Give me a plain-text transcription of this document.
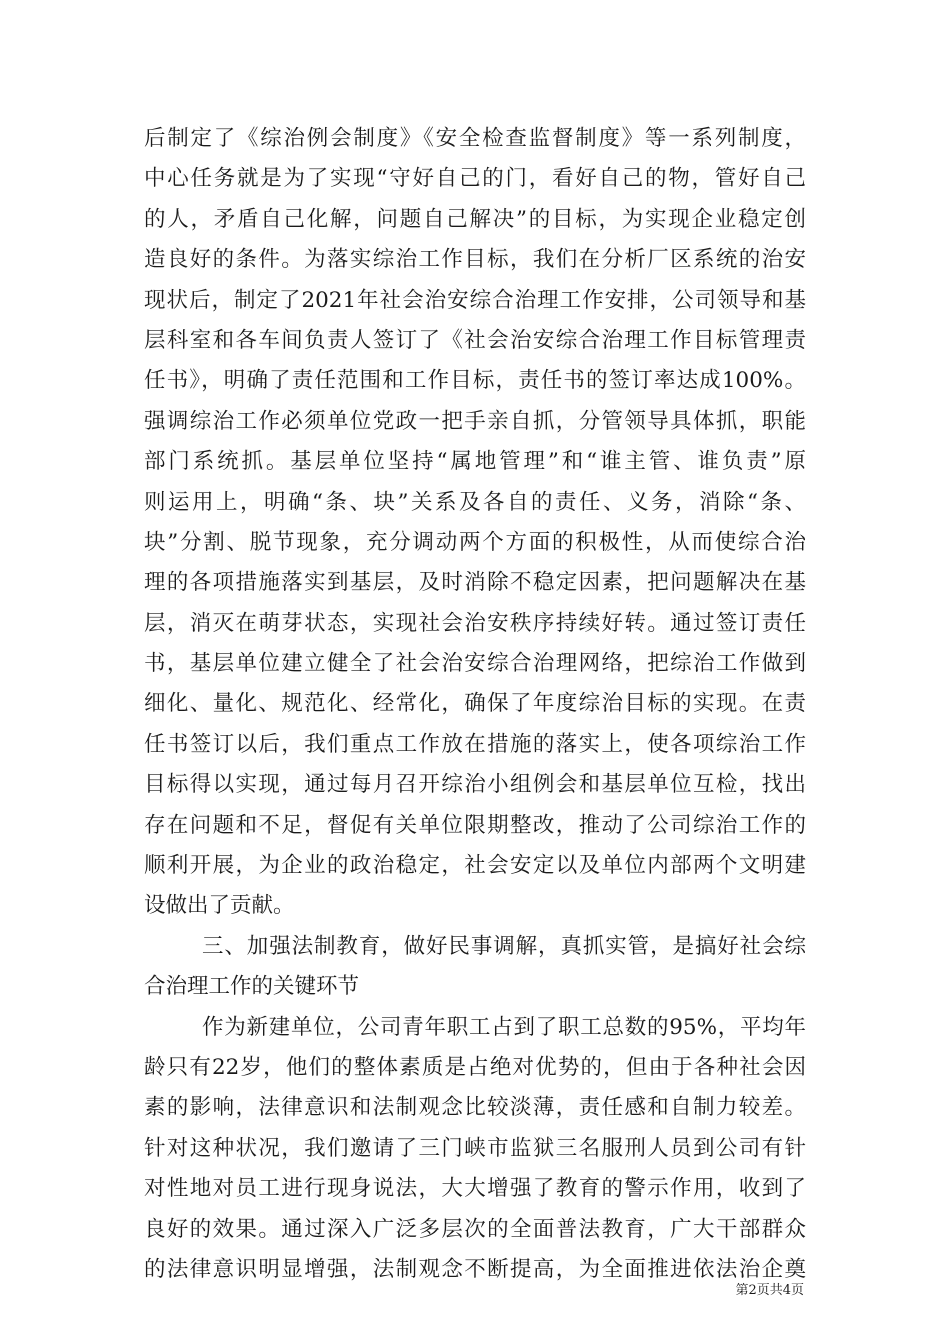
后制定了《综治例会制度》《安全检查监督制度》等一系列制度，
中心任务就是为了实现“守好自己的门，看好自己的物，管好自己
的人，矛盾自己化解，问题自己解决”的目标，为实现企业稳定创
造良好的条件。为落实综治工作目标，我们在分析厂区系统的治安
现状后，制定了2021年社会治安综合治理工作安排，公司领导和基
层科室和各车间负责人签订了《社会治安综合治理工作目标管理责
任书》，明确了责任范围和工作目标，责任书的签订率达成100%。
强调综治工作必须单位党政一把手亲自抓，分管领导具体抓，职能
部门系统抓。基层单位坚持“属地管理”和“谁主管、谁负责”原
则运用上，明确“条、块”关系及各自的责任、义务，消除“条、
块”分割、脱节现象，充分调动两个方面的积极性，从而使综合治
理的各项措施落实到基层，及时消除不稳定因素，把问题解决在基
层，消灭在萌芽状态，实现社会治安秩序持续好转。通过签订责任
书，基层单位建立健全了社会治安综合治理网络，把综治工作做到
细化、量化、规范化、经常化，确保了年度综治目标的实现。在责
任书签订以后，我们重点工作放在措施的落实上，使各项综治工作
目标得以实现，通过每月召开综治小组例会和基层单位互检，找出
存在问题和不足，督促有关单位限期整改，推动了公司综治工作的
顺利开展，为企业的政治稳定，社会安定以及单位内部两个文明建
设做出了贡献。
三、加强法制教育，做好民事调解，真抓实管，是搞好社会综
合治理工作的关键环节
作为新建单位，公司青年职工占到了职工总数的95%，平均年
龄只有22岁，他们的整体素质是占绝对优势的，但由于各种社会因
素的影响，法律意识和法制观念比较淡薄，责任感和自制力较差。
针对这种状况，我们邀请了三门峡市监狱三名服刑人员到公司有针
对性地对员工进行现身说法，大大增强了教育的警示作用，收到了
良好的效果。通过深入广泛多层次的全面普法教育，广大干部群众
的法律意识明显增强，法制观念不断提高，为全面推进依法治企奠
第2页共4页
